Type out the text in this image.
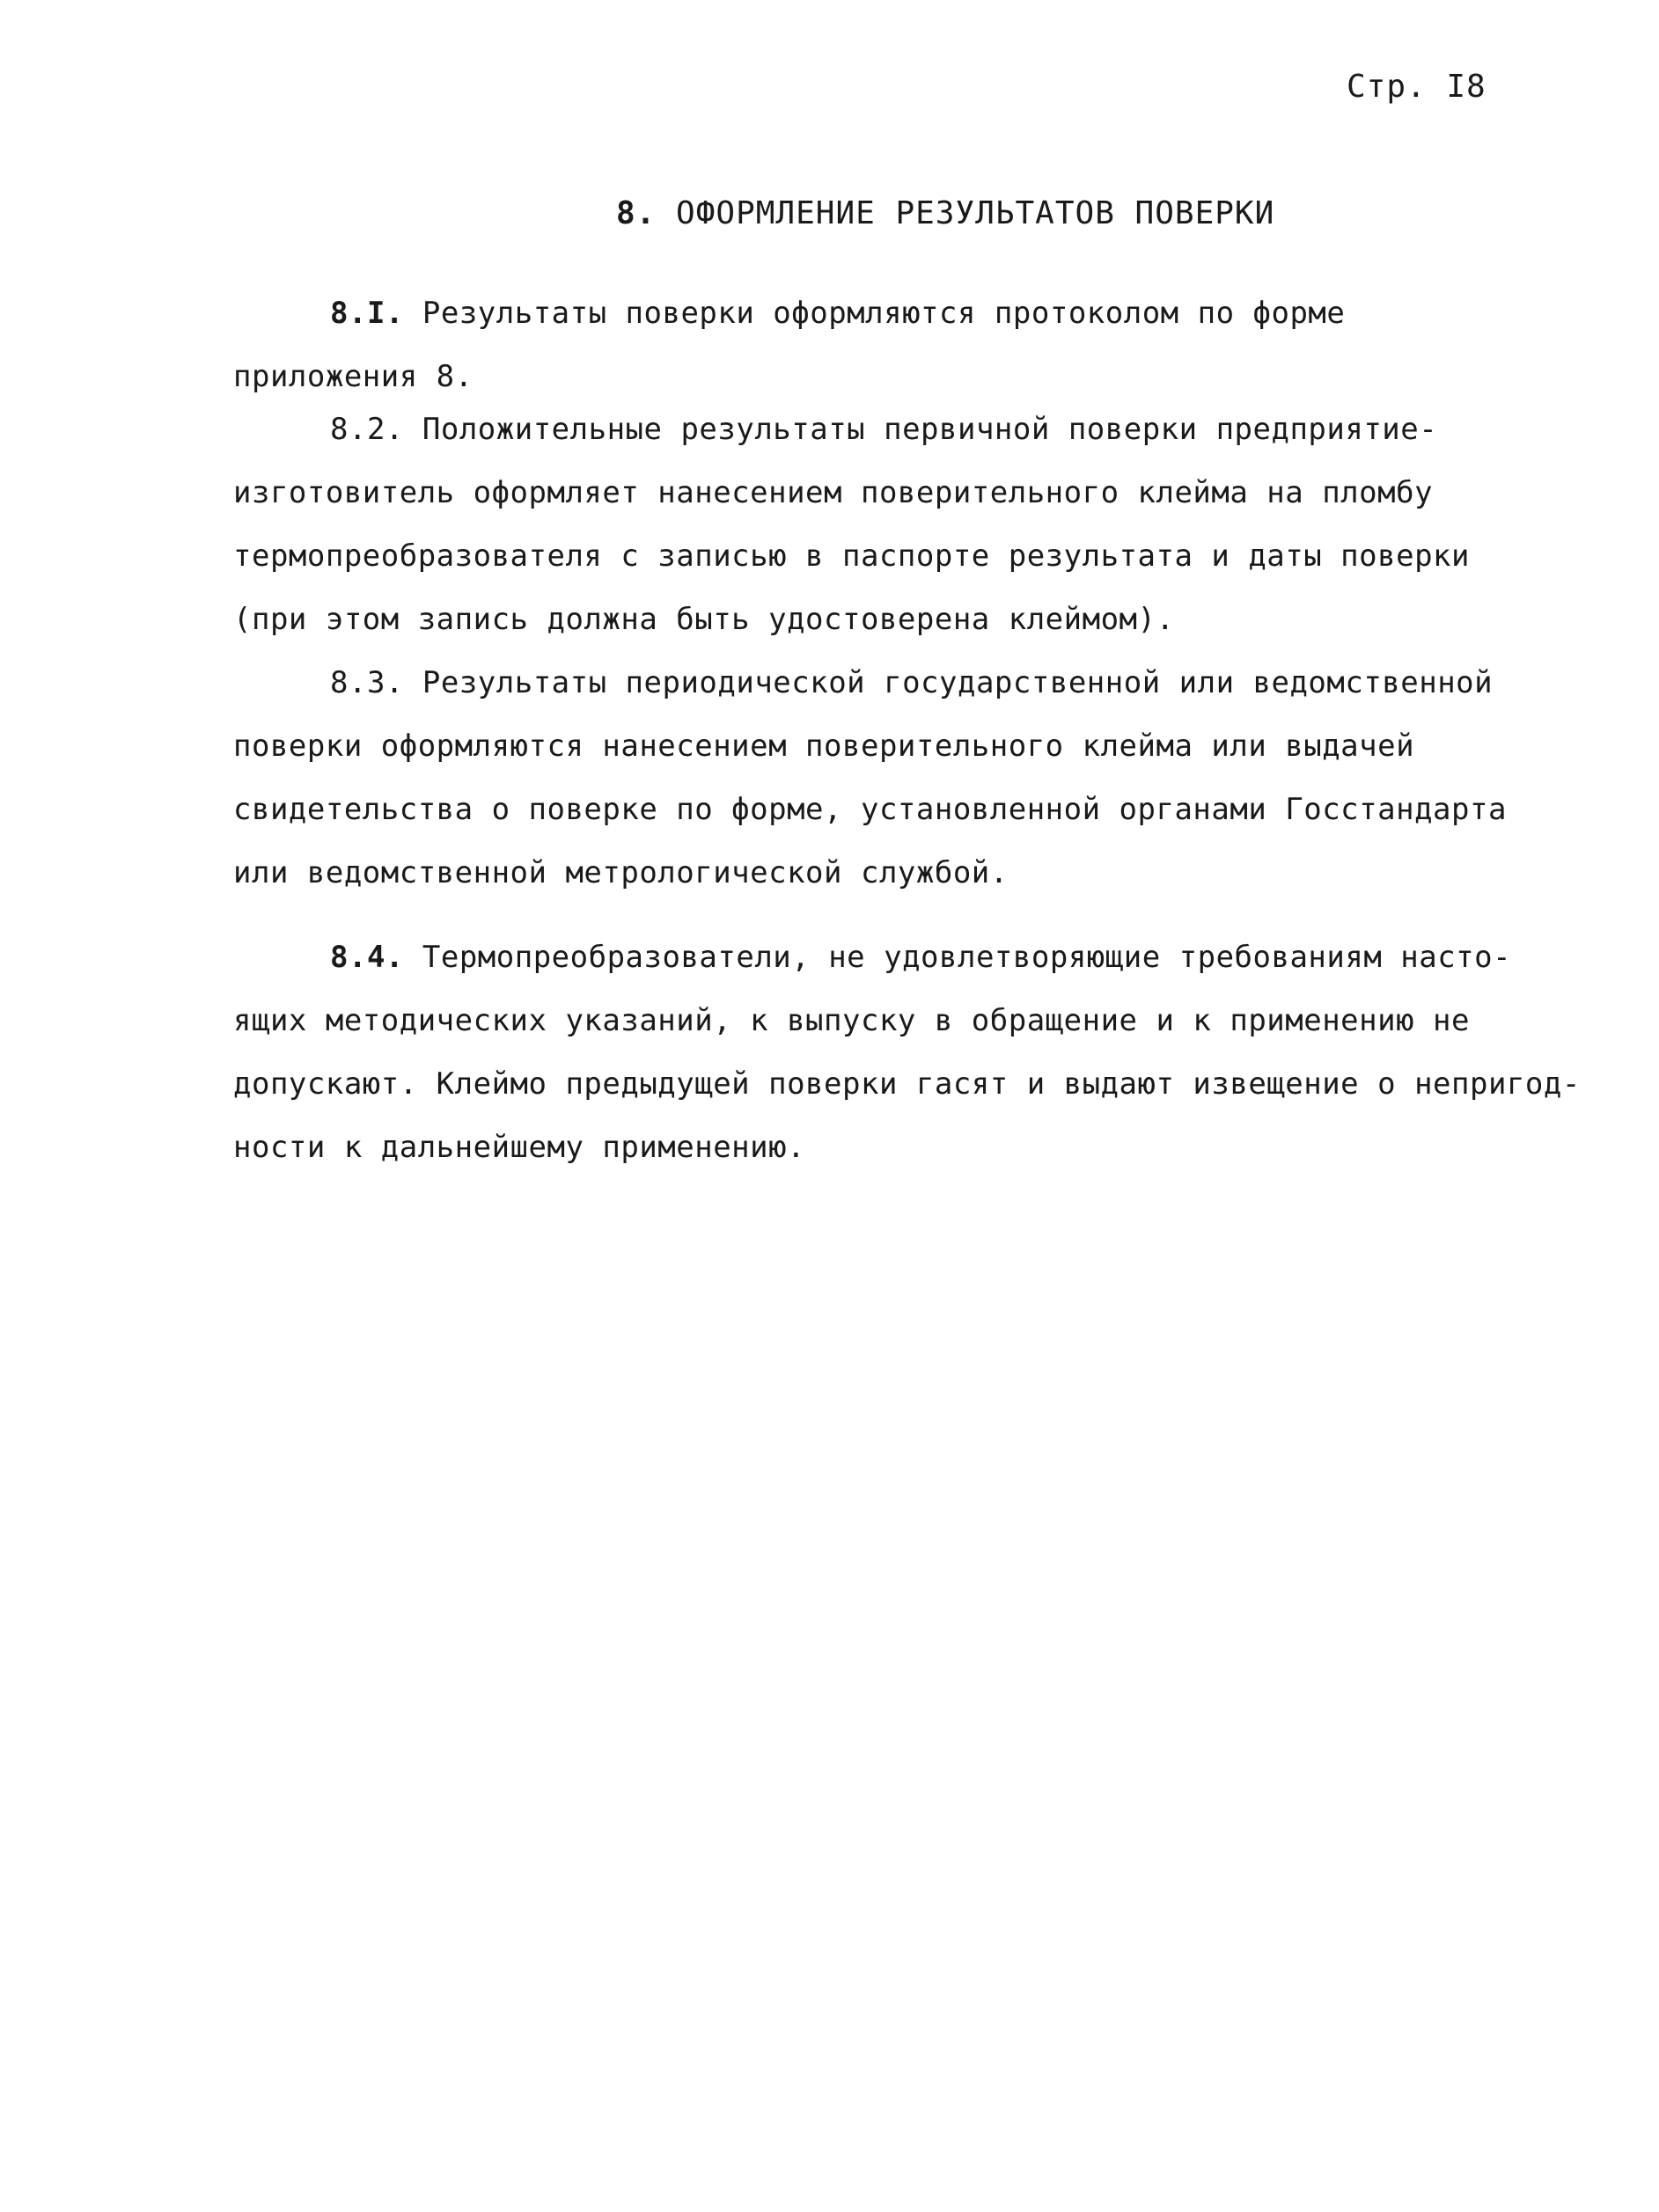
Стр. I8
8. ОФОРМЛЕНИЕ РЕЗУЛЬТАТОВ ПОВЕРКИ
8.I. Результаты поверки оформляются протоколом по форме
приложения 8.
8.2. Положительные результаты первичной поверки предприятие-
изготовитель оформляет нанесением поверительного клейма на пломбу
термопреобразователя с записью в паспорте результата и даты поверки
(при этом запись должна быть удостоверена клеймом).
8.3. Результаты периодической государственной или ведомственной
поверки оформляются нанесением поверительного клейма или выдачей
свидетельства о поверке по форме, установленной органами Госстандарта
или ведомственной метрологической службой.
8.4. Термопреобразователи, не удовлетворяющие требованиям насто-
ящих методических указаний, к выпуску в обращение и к применению не
допускают. Клеймо предыдущей поверки гасят и выдают извещение о непригод-
ности к дальнейшему применению.
